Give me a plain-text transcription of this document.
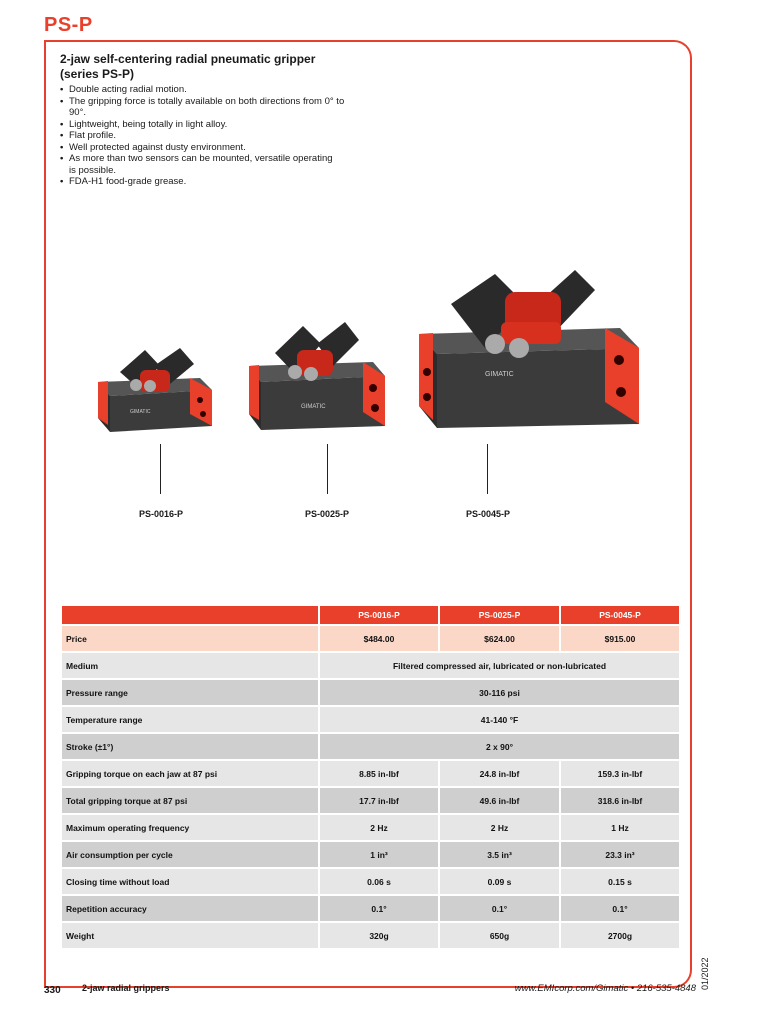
PS-P
2-jaw self-centering radial pneumatic gripper
(series PS-P)
• Double acting radial motion.
• The gripping force is totally available on both directions from 0° to 90°.
• Lightweight, being totally in light alloy.
• Flat profile.
• Well protected against dusty environment.
• As more than two sensors can be mounted, versatile operating is possible.
• FDA-H1 food-grade grease.
GIMATIC
GIMATIC
GIMATIC
PS-0016-P	PS-0025-P	PS-0045-P
	PS-0016-P	PS-0025-P	PS-0045-P
Price	$484.00	$624.00	$915.00
Medium	Filtered compressed air, lubricated or non-lubricated		
Pressure range	30-116 psi		
Temperature range	41-140 °F		
Stroke (±1°)	2 x 90°		
Gripping torque on each jaw at 87 psi	8.85 in-lbf	24.8 in-lbf	159.3 in-lbf
Total gripping torque at 87 psi	17.7 in-lbf	49.6 in-lbf	318.6 in-lbf
Maximum operating frequency	2 Hz	2 Hz	1 Hz
Air consumption per cycle	1 in³	3.5 in³	23.3 in³
Closing time without load	0.06 s	0.09 s	0.15 s
Repetition accuracy	0.1°	0.1°	0.1°
Weight	320g	650g	2700g
330 2-jaw radial grippers	www.EMIcorp.com/Gimatic • 216-535-4848 01/2022
